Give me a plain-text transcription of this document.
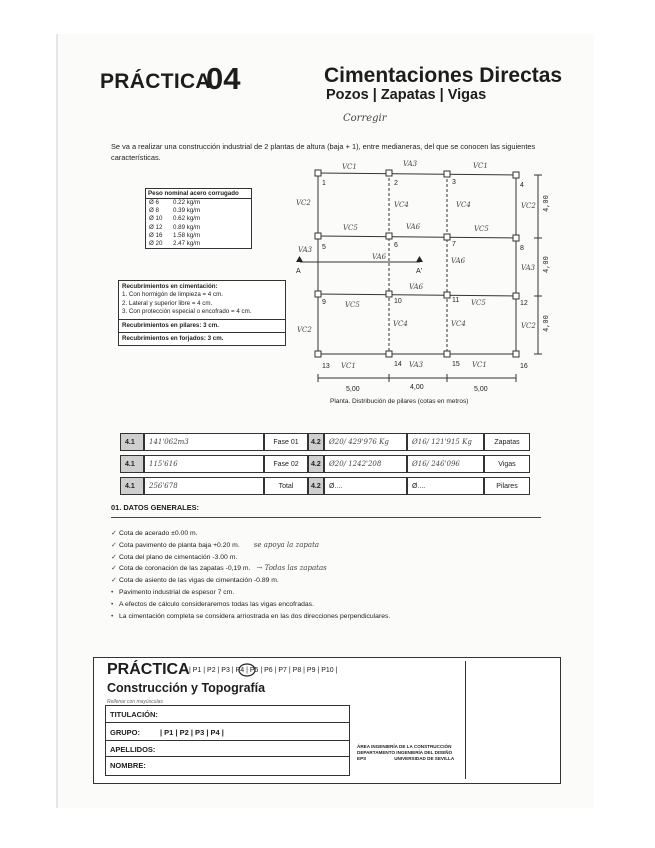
PRÁCTICA
04	Cimentaciones Directas
Pozos | Zapatas | Vigas
Corregir
Se va a realizar una construcción industrial de 2 plantas de altura (baja + 1), entre medianeras, del que se conocen las siguientes características.
Peso nominal acero corrugado
Ø 6	0.22 kg/m
Ø 8	0.39 kg/m
Ø 10	0.62 kg/m
Ø 12	0.89 kg/m
Ø 16	1.58 kg/m
Ø 20	2.47 kg/m
Recubrimientos en cimentación:
1. Con hormigón de limpieza = 4 cm.
2. Lateral y superior libre = 4 cm.
3. Con protección especial o encofrado = 4 cm.
Recubrimientos en pilares: 3 cm.
Recubrimientos en forjados: 3 cm.
1	2	3	4
5	6	7
8
9	10	11	12
13	14	15	16
A	A'
5,00	4,00	5,00
Planta. Distribución de pilares (cotas en metros)
4,00
4,00
4,00
VC1	VA3	VC1
VC2	VC4	VC4	VC2
VC5	VA6	VC5
VA3
VA6	VA6
VA3
VC5
VA6
VC5
VC2
VC4	VC4	VC2
VC1	VA3	VC1
4.1	141'062m3	Fase 01	4.2	Ø20/ 429'976 Kg	Ø16/ 121'915 Kg	Zapatas
4.1	115'616	Fase 02	4.2	Ø20/ 1242'208	Ø16/ 246'096	Vigas
4.1	256'678	Total	4.2	Ø....	Ø....	Pilares
01. DATOS GENERALES:
✓ Cota de acerado ±0.00 m.
✓ Cota pavimento de planta baja +0.20 m. se apoya la zapata
✓ Cota del plano de cimentación -3.00 m.
✓ Cota de coronación de las zapatas -0,19 m. → Todas las zapatas
✓ Cota de asiento de las vigas de cimentación -0.89 m.
• Pavimento industrial de espesor 7 cm.
• A efectos de cálculo consideraremos todas las vigas encofradas.
• La cimentación completa se considera arriostrada en las dos direcciones perpendiculares.
PRÁCTICA | P1 | P2 | P3 | P4 | P5 | P6 | P7 | P8 | P9 | P10 |
Construcción y Topografía
Rellenar con mayúsculas
TITULACIÓN:
GRUPO:	| P1 | P2 | P3 | P4 |
APELLIDOS:
NOMBRE:
ÁREA INGENIERÍA DE LA CONSTRUCCIÓN
DEPARTAMENTO INGENIERÍA DEL DISEÑO
EPS	UNIVERSIDAD DE SEVILLA
